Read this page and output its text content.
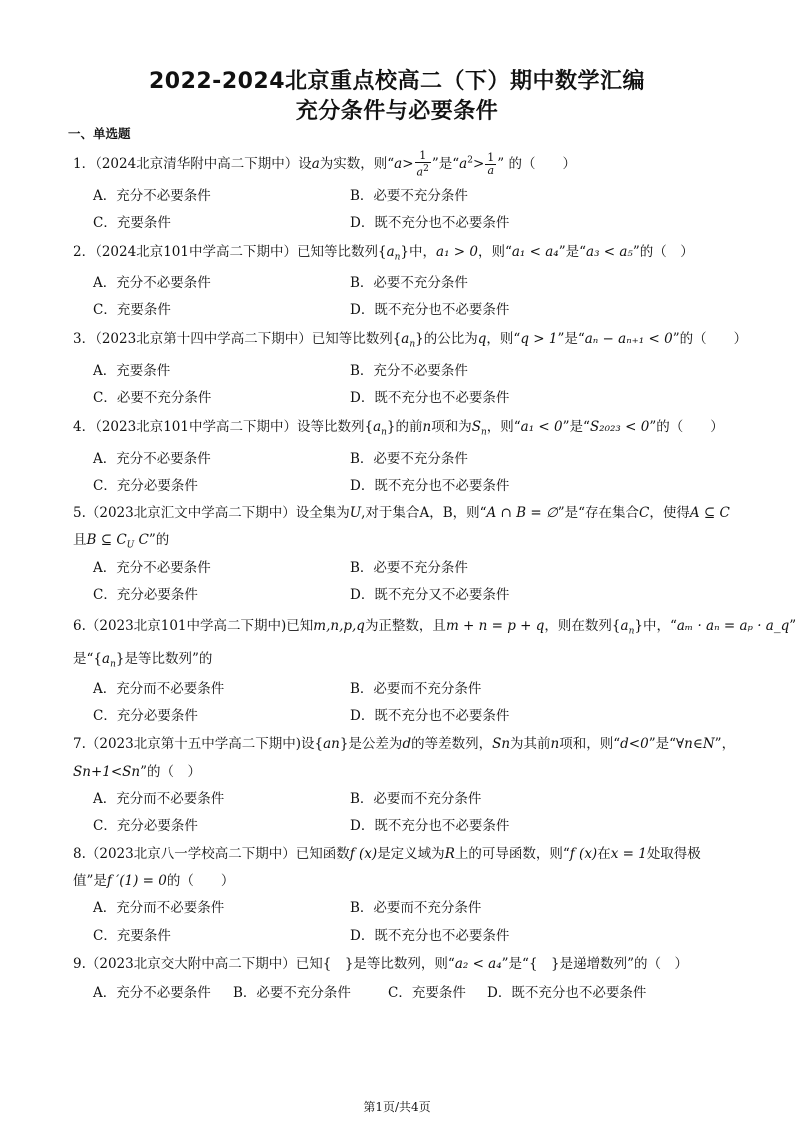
2022-2024北京重点校高二（下）期中数学汇编
充分条件与必要条件
一、单选题
1．（2024北京清华附中高二下期中）设a为实数，则“$a> \frac{1}{a^2}$ ”是“$a^2> \frac{1}{a}$ ” 的（　　）
A．充分不必要条件	B．必要不充分条件
C．充要条件	D．既不充分也不必要条件
2．（2024北京101中学高二下期中）已知等比数列$\{a_n\}$中，a₁ > 0，则“a₁ < a₄”是“a₃ < a₅”的（　）
A．充分不必要条件	B．必要不充分条件
C．充要条件	D．既不充分也不必要条件
3．（2023北京第十四中学高二下期中）已知等比数列$\{a_n\}$的公比为q，则“q > 1”是“aₙ − aₙ₊₁ < 0”的（　　）
A．充要条件	B．充分不必要条件
C．必要不充分条件	D．既不充分也不必要条件
4．（2023北京101中学高二下期中）设等比数列$\{a_n\}$的前n项和为$S_n$，则“a₁ < 0”是“S₂₀₂₃ < 0”的（　　）
A．充分不必要条件	B．必要不充分条件
C．充分必要条件	D．既不充分也不必要条件
5.（2023北京汇文中学高二下期中）设全集为U,对于集合A，B，则“A ∩ B = ∅”是“存在集合C，使得A ⊆ C
且B ⊆ $C_U$ C”的
A．充分不必要条件	B．必要不充分条件
C．充分必要条件	D．既不充分又不必要条件
6.（2023北京101中学高二下期中)已知m,n,p,q为正整数，且m + n = p + q，则在数列$\{a_n\}$中，“aₘ · aₙ = aₚ · a_q”
是“$\{a_n\}$是等比数列”的
A．充分而不必要条件	B．必要而不充分条件
C．充分必要条件	D．既不充分也不必要条件
7.（2023北京第十五中学高二下期中)设{an}是公差为d的等差数列，Sn为其前n项和，则“d<0”是“∀n∈N”，
Sn+1<Sn”的（　）
A．充分而不必要条件	B．必要而不充分条件
C．充分必要条件	D．既不充分也不必要条件
8.（2023北京八一学校高二下期中）已知函数f (x)是定义域为R上的可导函数，则“f (x)在x = 1处取得极
值”是f ′(1) = 0的（　　）
A．充分而不必要条件	B．必要而不充分条件
C．充要条件	D．既不充分也不必要条件
9.（2023北京交大附中高二下期中）已知{　}是等比数列，则“a₂ < a₄”是“{　}是递增数列”的（　）
A．充分不必要条件 B．必要不充分条件	C．充要条件 D．既不充分也不必要条件
第1页/共4页
